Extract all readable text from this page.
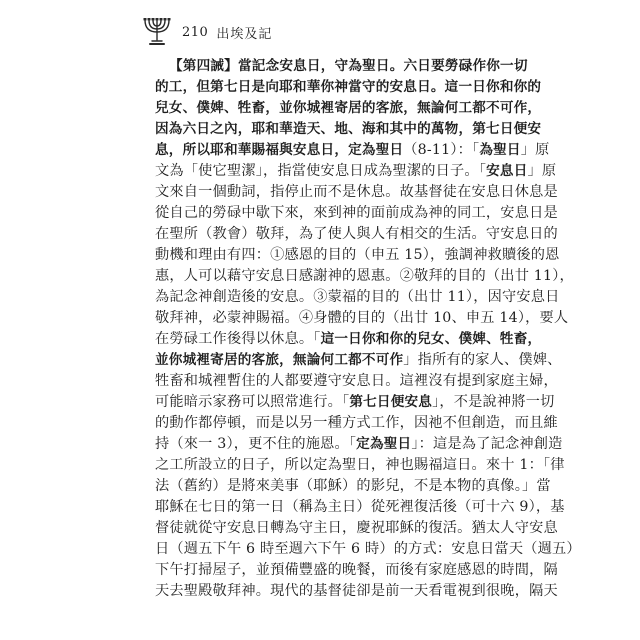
210 出埃及記
【第四誡】當記念安息日，守為聖日。六日要勞碌作你一切
的工，但第七日是向耶和華你神當守的安息日。這一日你和你的
兒女、僕婢、牲畜，並你城裡寄居的客旅，無論何工都不可作，
因為六日之內，耶和華造天、地、海和其中的萬物，第七日便安
息，所以耶和華賜福與安息日，定為聖日（8-11）：「為聖日」原
文為「使它聖潔」，指當使安息日成為聖潔的日子。「安息日」原
文來自一個動詞，指停止而不是休息。故基督徒在安息日休息是
從自己的勞碌中歇下來，來到神的面前成為神的同工，安息日是
在聖所（教會）敬拜，為了使人與人有相交的生活。守安息日的
動機和理由有四：①感恩的目的（申五 15），強調神救贖後的恩
惠，人可以藉守安息日感謝神的恩惠。②敬拜的目的（出廿 11），
為記念神創造後的安息。③蒙福的目的（出廿 11），因守安息日
敬拜神，必蒙神賜福。④身體的目的（出廿 10、申五 14），要人
在勞碌工作後得以休息。「這一日你和你的兒女、僕婢、牲畜，
並你城裡寄居的客旅，無論何工都不可作」指所有的家人、僕婢、
牲畜和城裡暫住的人都要遵守安息日。這裡沒有提到家庭主婦，
可能暗示家務可以照常進行。「第七日便安息」，不是說神將一切
的動作都停頓，而是以另一種方式工作，因祂不但創造，而且維
持（來一 3），更不住的施恩。「定為聖日」：這是為了記念神創造
之工所設立的日子，所以定為聖日，神也賜福這日。來十 1：「律
法（舊約）是將來美事（耶穌）的影兒，不是本物的真像。」當
耶穌在七日的第一日（稱為主日）從死裡復活後（可十六 9），基
督徒就從守安息日轉為守主日，慶祝耶穌的復活。猶太人守安息
日（週五下午 6 時至週六下午 6 時）的方式：安息日當天（週五）
下午打掃屋子，並預備豐盛的晚餐，而後有家庭感恩的時間，隔
天去聖殿敬拜神。現代的基督徒卻是前一天看電視到很晚，隔天
